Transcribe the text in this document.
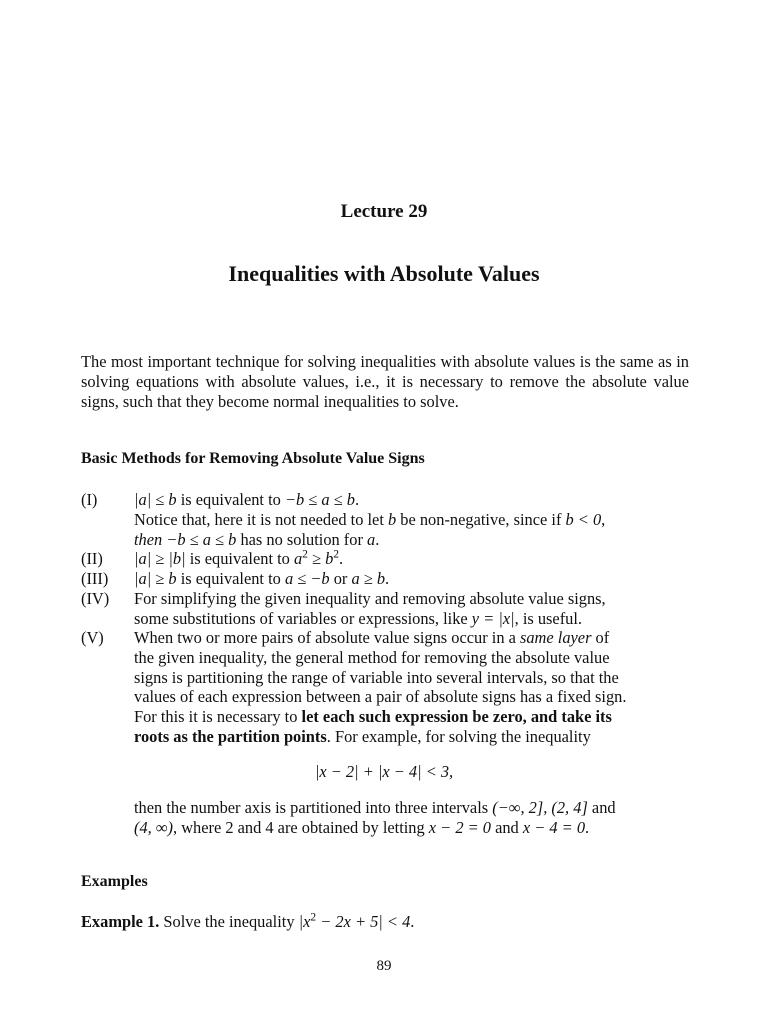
Lecture 29
Inequalities with Absolute Values
The most important technique for solving inequalities with absolute values is the same as in solving equations with absolute values, i.e., it is necessary to remove the absolute value signs, such that they become normal inequalities to solve.
Basic Methods for Removing Absolute Value Signs
(I) |a| ≤ b is equivalent to −b ≤ a ≤ b.
Notice that, here it is not needed to let b be non-negative, since if b < 0,
then −b ≤ a ≤ b has no solution for a.
(II) |a| ≥ |b| is equivalent to $a^2 \ge b^2$.
(III) |a| ≥ b is equivalent to a ≤ −b or a ≥ b.
(IV) For simplifying the given inequality and removing absolute value signs,
some substitutions of variables or expressions, like y = |x|, is useful.
(V) When two or more pairs of absolute value signs occur in a same layer of
the given inequality, the general method for removing the absolute value
signs is partitioning the range of variable into several intervals, so that the
values of each expression between a pair of absolute signs has a fixed sign.
For this it is necessary to let each such expression be zero, and take its
roots as the partition points. For example, for solving the inequality
|x − 2| + |x − 4| < 3,
then the number axis is partitioned into three intervals (−∞, 2], (2, 4] and
(4, ∞), where 2 and 4 are obtained by letting x − 2 = 0 and x − 4 = 0.
Examples
Example 1. Solve the inequality $|x^2 - 2x + 5| < 4$.
89
